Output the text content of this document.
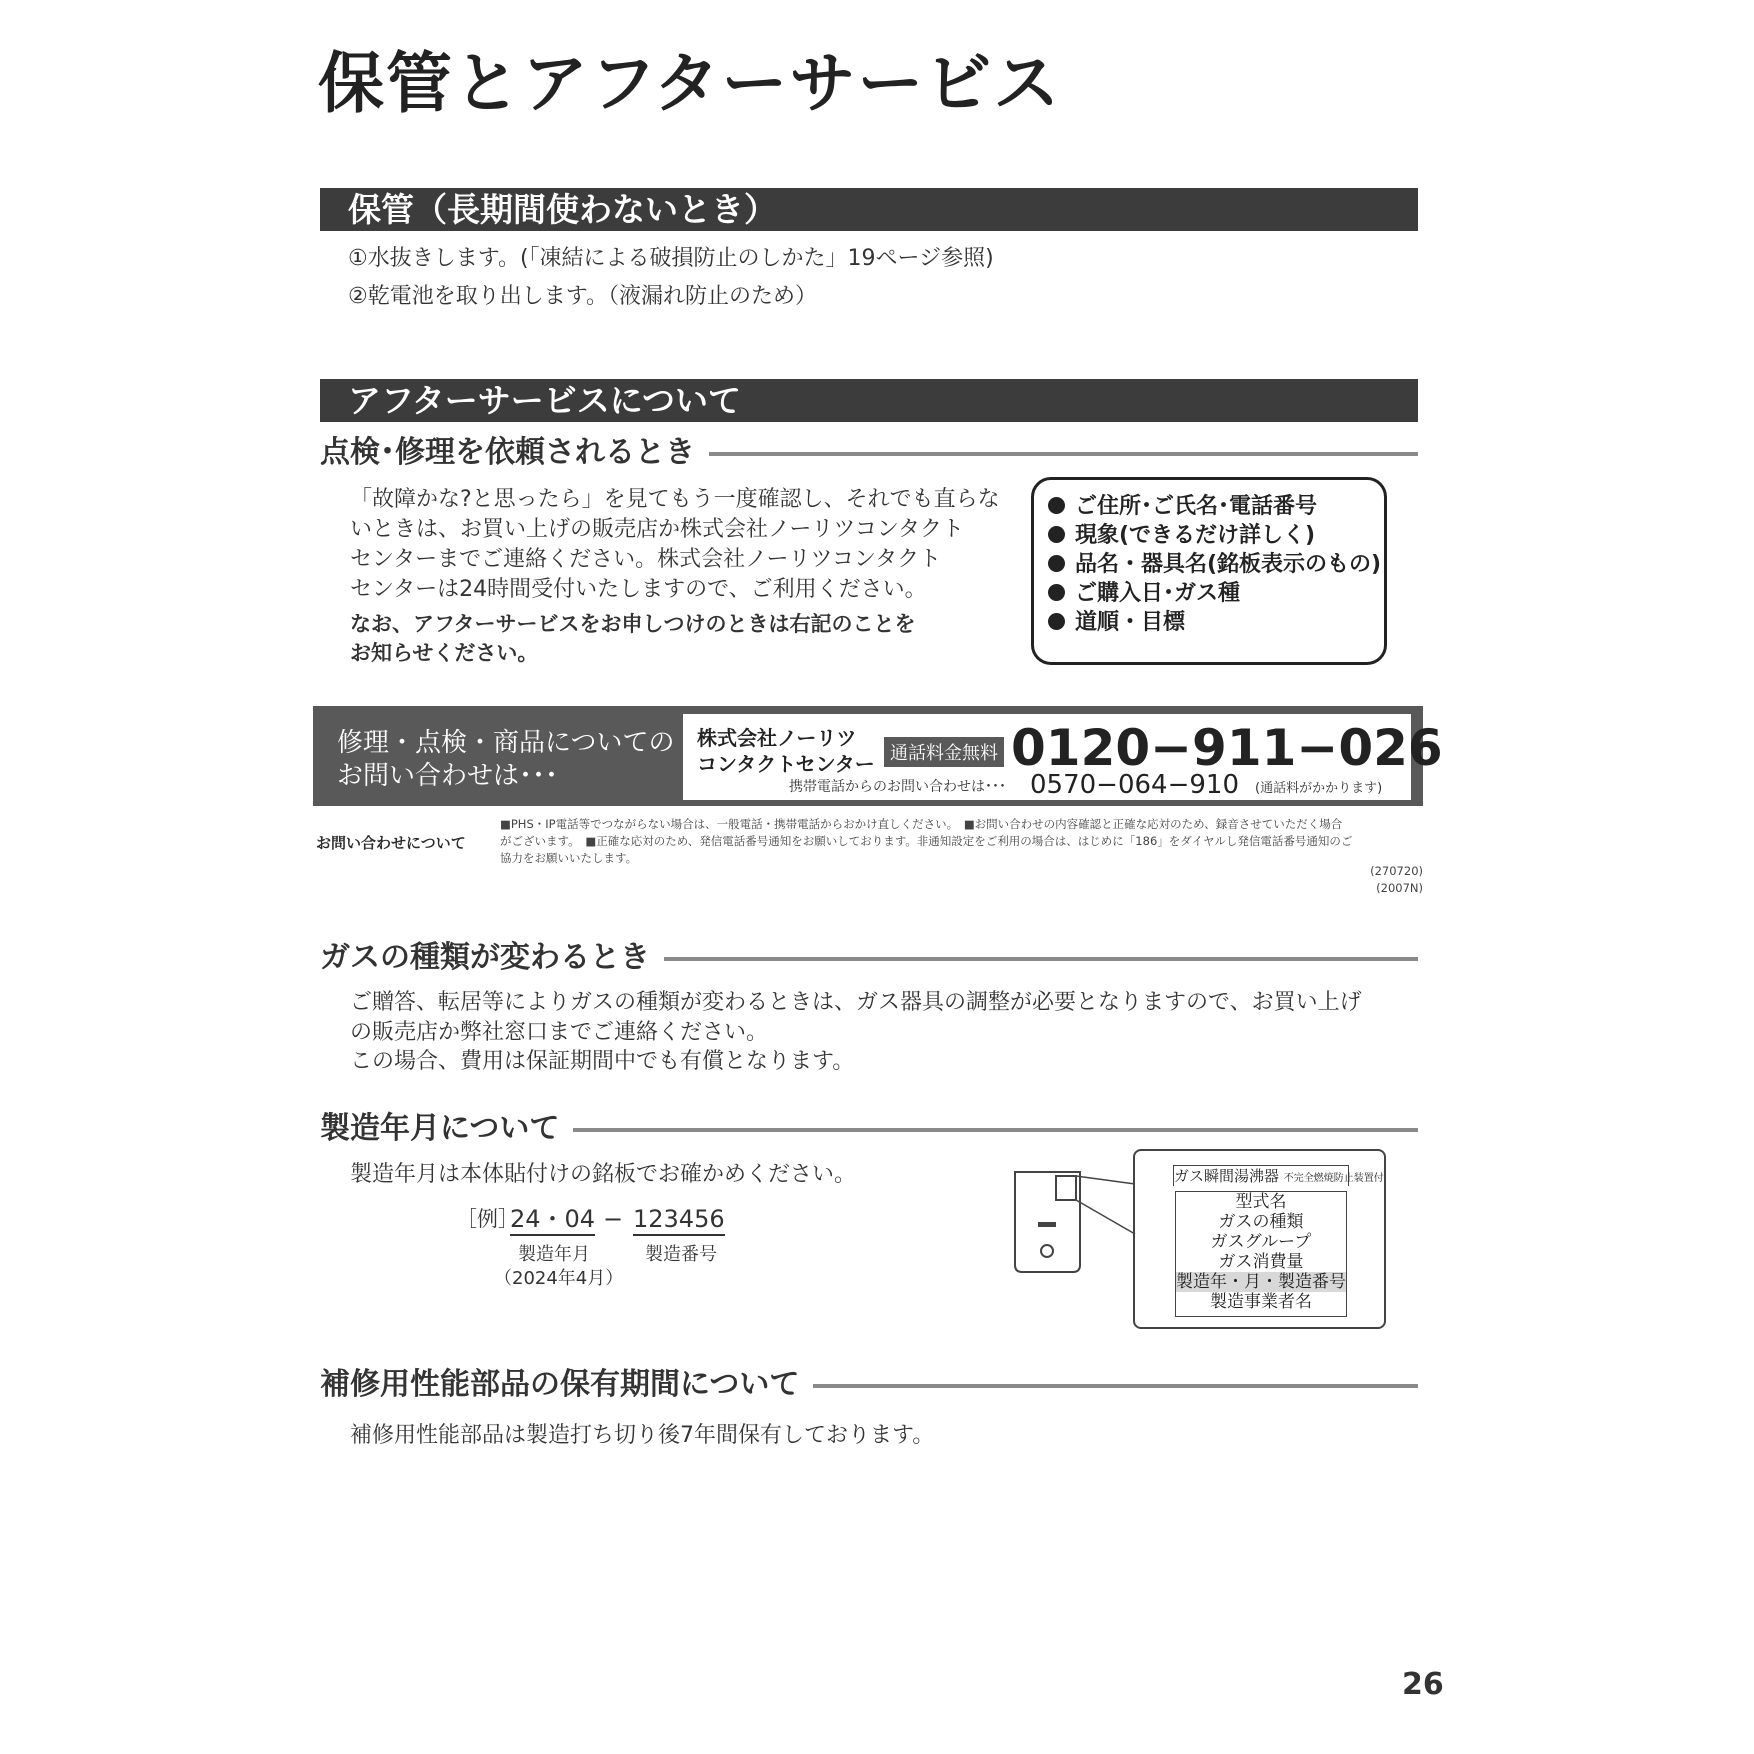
保管とアフターサービス
保管（長期間使わないとき）
①水抜きします。(「凍結による破損防止のしかた」19ページ参照)
②乾電池を取り出します。（液漏れ防止のため）
アフターサービスについて
点検･修理を依頼されるとき
「故障かな?と思ったら」を見てもう一度確認し、それでも直らな
いときは、お買い上げの販売店か株式会社ノーリツコンタクト
センターまでご連絡ください。株式会社ノーリツコンタクト
センターは24時間受付いたしますので、ご利用ください。
なお、アフターサービスをお申しつけのときは右記のことを
お知らせください。
ご住所･ご氏名･電話番号
現象(できるだけ詳しく)
品名・器具名(銘板表示のもの)
ご購入日･ガス種
道順・目標
修理・点検・商品についての
お問い合わせは･･･
株式会社ノーリツ
コンタクトセンター 通話料金無料 0120−911−026
携帯電話からのお問い合わせは･･･ 0570−064−910 (通話料がかかります)
お問い合わせについて
■PHS・IP電話等でつながらない場合は、一般電話・携帯電話からおかけ直しください。　■お問い合わせの内容確認と正確な応対のため、録音させていただく場合
がございます。　■正確な応対のため、発信電話番号通知をお願いしております。非通知設定をご利用の場合は、はじめに「186」をダイヤルし発信電話番号通知のご
協力をお願いいたします。
(270720)
(2007N)
ガスの種類が変わるとき
ご贈答、転居等によりガスの種類が変わるときは、ガス器具の調整が必要となりますので、お買い上げ
の販売店か弊社窓口までご連絡ください。
この場合、費用は保証期間中でも有償となります。
製造年月について
製造年月は本体貼付けの銘板でお確かめください。
［例］
24・04 − 123456
製造年月
（2024年4月）
製造番号
ガス瞬間湯沸器 不完全燃焼防止装置付
型式名
ガスの種類
ガスグループ
ガス消費量
製造年・月・製造番号
製造事業者名
補修用性能部品の保有期間について
補修用性能部品は製造打ち切り後7年間保有しております。
26
